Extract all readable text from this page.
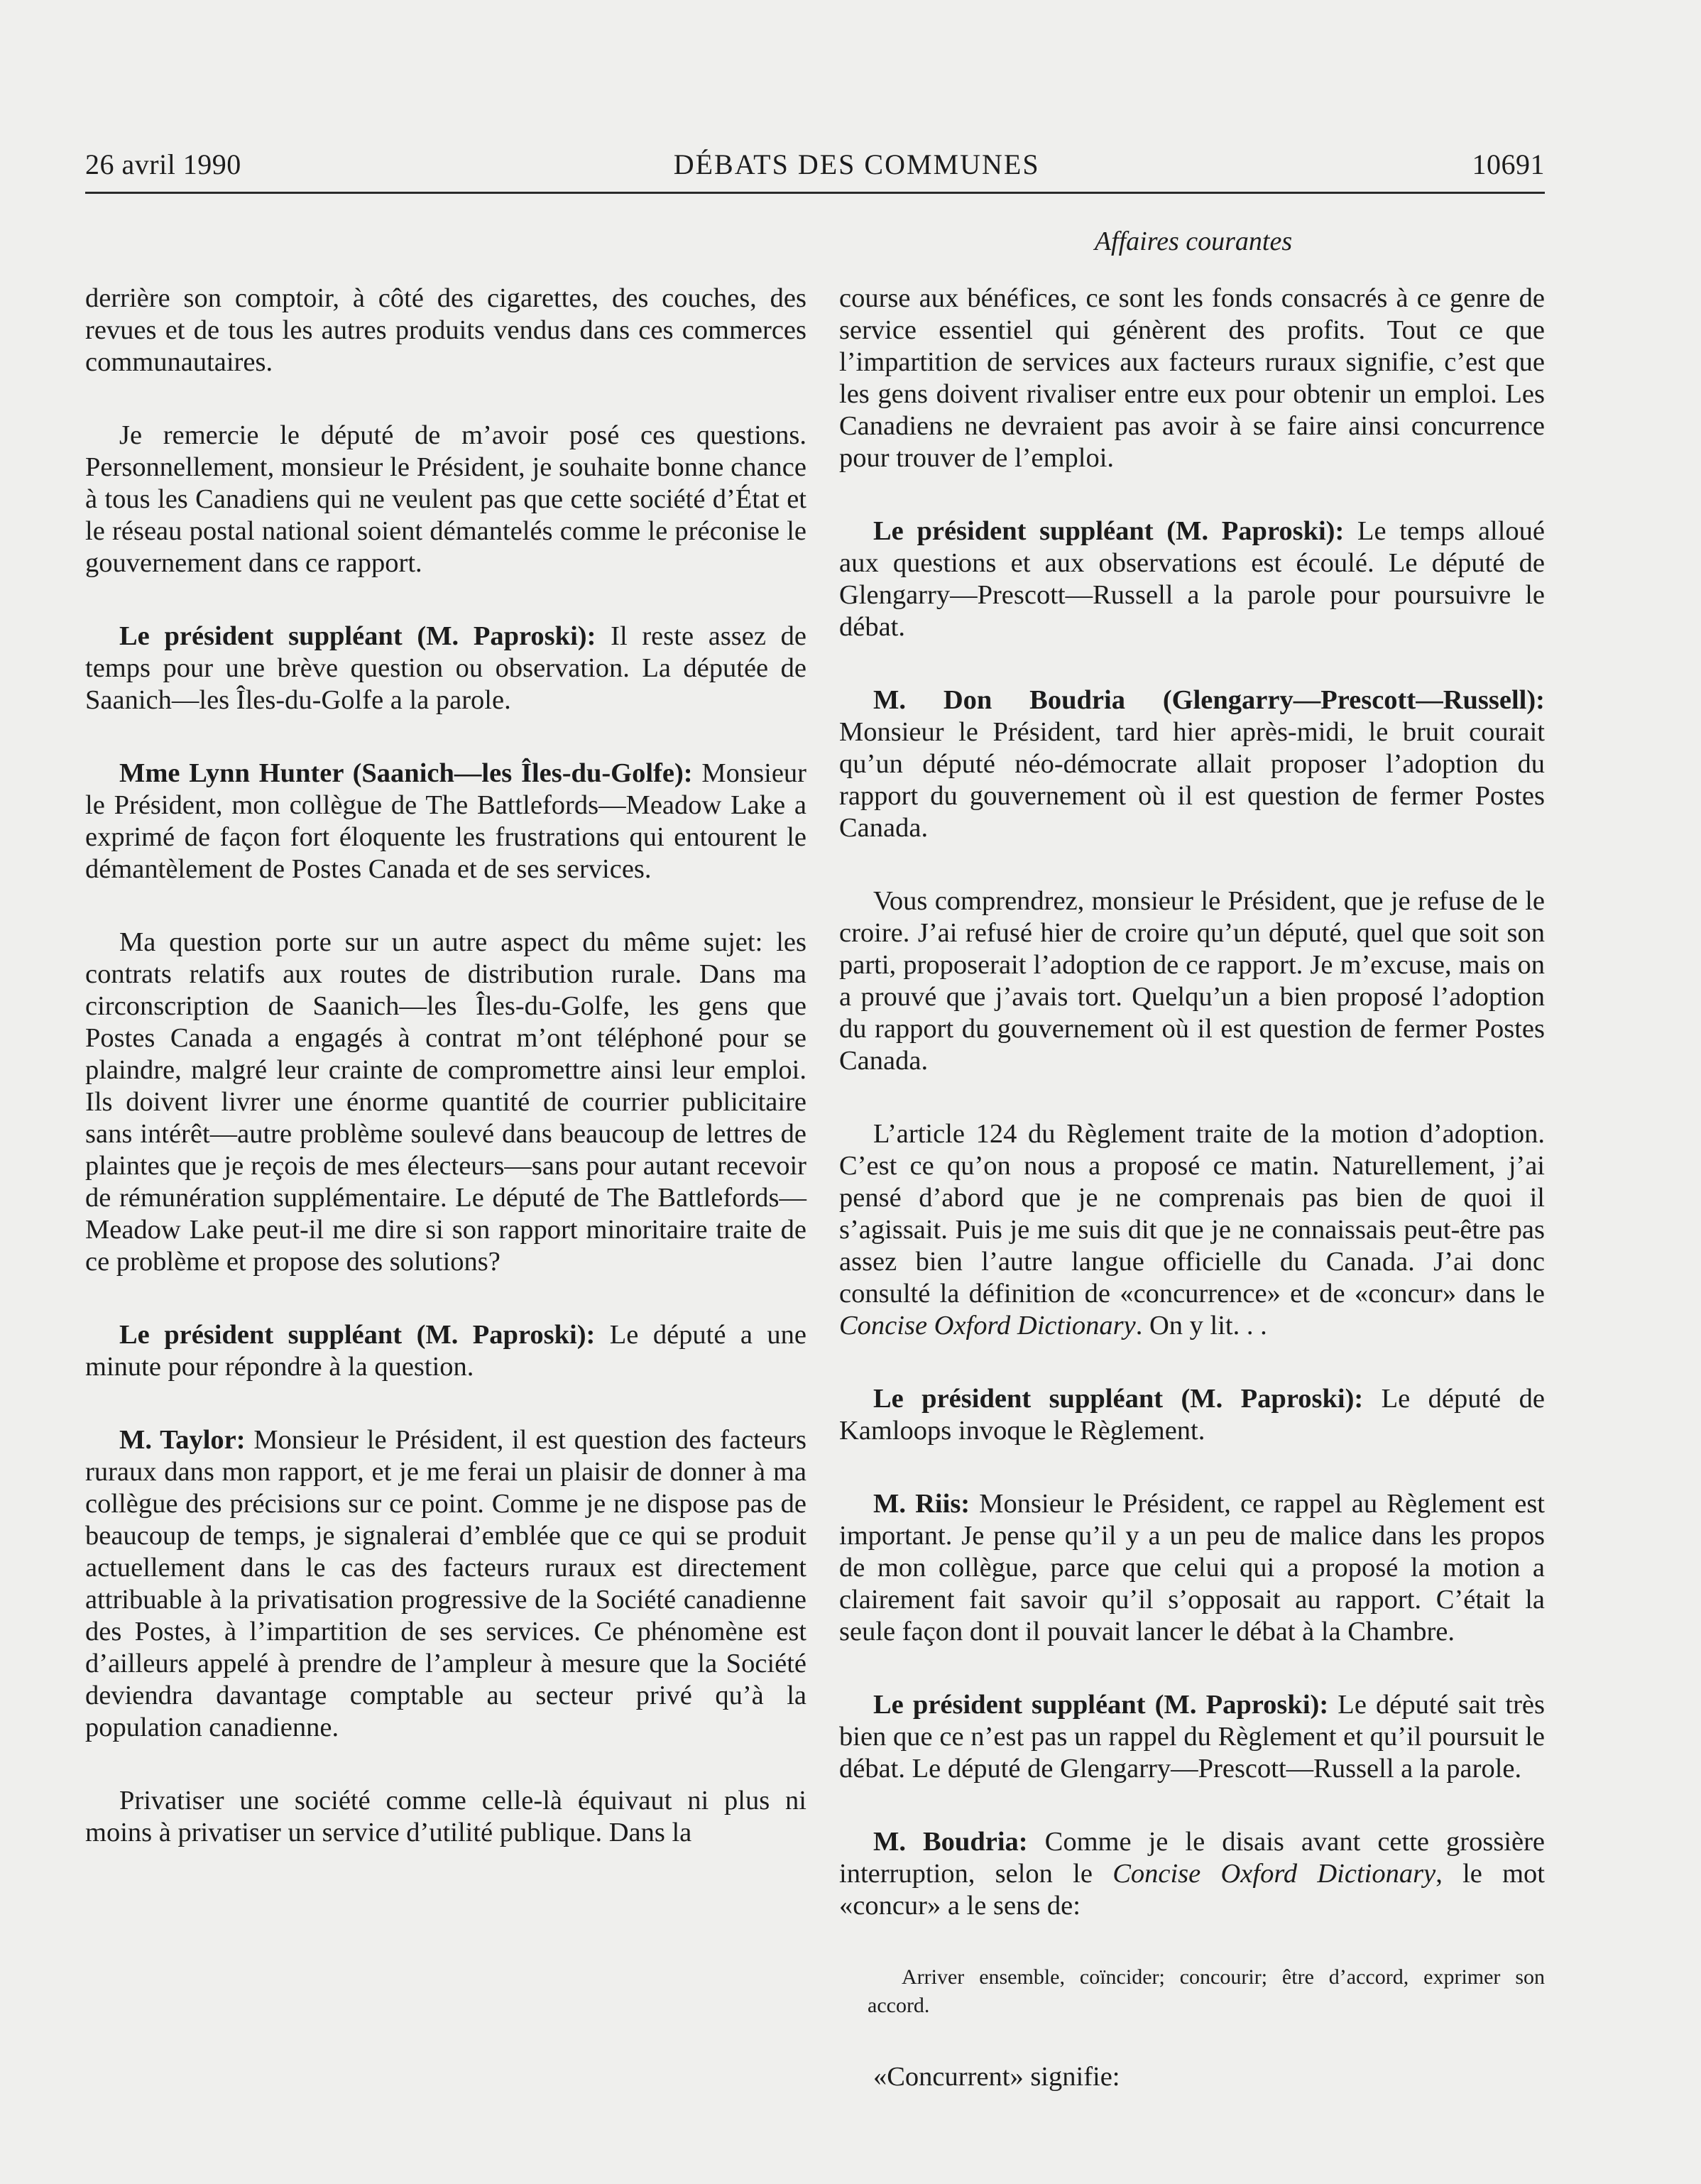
26 avril 1990	DÉBATS DES COMMUNES	10691
Affaires courantes

derrière son comptoir, à côté des cigarettes, des couches, des revues et de tous les autres produits vendus dans ces commerces communautaires.

Je remercie le député de m’avoir posé ces questions. Personnellement, monsieur le Président, je souhaite bonne chance à tous les Canadiens qui ne veulent pas que cette société d’État et le réseau postal national soient démantelés comme le préconise le gouvernement dans ce rapport.

Le président suppléant (M. Paproski): Il reste assez de temps pour une brève question ou observation. La députée de Saanich—les Îles-du-Golfe a la parole.

Mme Lynn Hunter (Saanich—les Îles-du-Golfe): Monsieur le Président, mon collègue de The Battlefords—Meadow Lake a exprimé de façon fort éloquente les frustrations qui entourent le démantèlement de Postes Canada et de ses services.

Ma question porte sur un autre aspect du même sujet: les contrats relatifs aux routes de distribution rurale. Dans ma circonscription de Saanich—les Îles-du-Golfe, les gens que Postes Canada a engagés à contrat m’ont téléphoné pour se plaindre, malgré leur crainte de compromettre ainsi leur emploi. Ils doivent livrer une énorme quantité de courrier publicitaire sans intérêt—autre problème soulevé dans beaucoup de lettres de plaintes que je reçois de mes électeurs—sans pour autant recevoir de rémunération supplémentaire. Le député de The Battlefords—Meadow Lake peut-il me dire si son rapport minoritaire traite de ce problème et propose des solutions?

Le président suppléant (M. Paproski): Le député a une minute pour répondre à la question.

M. Taylor: Monsieur le Président, il est question des facteurs ruraux dans mon rapport, et je me ferai un plaisir de donner à ma collègue des précisions sur ce point. Comme je ne dispose pas de beaucoup de temps, je signalerai d’emblée que ce qui se produit actuellement dans le cas des facteurs ruraux est directement attribuable à la privatisation progressive de la Société canadienne des Postes, à l’impartition de ses services. Ce phénomène est d’ailleurs appelé à prendre de l’ampleur à mesure que la Société deviendra davantage comptable au secteur privé qu’à la population canadienne.

Privatiser une société comme celle-là équivaut ni plus ni moins à privatiser un service d’utilité publique. Dans la

course aux bénéfices, ce sont les fonds consacrés à ce genre de service essentiel qui génèrent des profits. Tout ce que l’impartition de services aux facteurs ruraux signifie, c’est que les gens doivent rivaliser entre eux pour obtenir un emploi. Les Canadiens ne devraient pas avoir à se faire ainsi concurrence pour trouver de l’emploi.

Le président suppléant (M. Paproski): Le temps alloué aux questions et aux observations est écoulé. Le député de Glengarry—Prescott—Russell a la parole pour poursuivre le débat.

M. Don Boudria (Glengarry—Prescott—Russell): Monsieur le Président, tard hier après-midi, le bruit courait qu’un député néo-démocrate allait proposer l’adoption du rapport du gouvernement où il est question de fermer Postes Canada.

Vous comprendrez, monsieur le Président, que je refuse de le croire. J’ai refusé hier de croire qu’un député, quel que soit son parti, proposerait l’adoption de ce rapport. Je m’excuse, mais on a prouvé que j’avais tort. Quelqu’un a bien proposé l’adoption du rapport du gouvernement où il est question de fermer Postes Canada.

L’article 124 du Règlement traite de la motion d’adoption. C’est ce qu’on nous a proposé ce matin. Naturellement, j’ai pensé d’abord que je ne comprenais pas bien de quoi il s’agissait. Puis je me suis dit que je ne connaissais peut-être pas assez bien l’autre langue officielle du Canada. J’ai donc consulté la définition de «concurrence» et de «concur» dans le Concise Oxford Dictionary. On y lit. . .

Le président suppléant (M. Paproski): Le député de Kamloops invoque le Règlement.

M. Riis: Monsieur le Président, ce rappel au Règlement est important. Je pense qu’il y a un peu de malice dans les propos de mon collègue, parce que celui qui a proposé la motion a clairement fait savoir qu’il s’opposait au rapport. C’était la seule façon dont il pouvait lancer le débat à la Chambre.

Le président suppléant (M. Paproski): Le député sait très bien que ce n’est pas un rappel du Règlement et qu’il poursuit le débat. Le député de Glengarry—Prescott—Russell a la parole.

M. Boudria: Comme je le disais avant cette grossière interruption, selon le Concise Oxford Dictionary, le mot «concur» a le sens de:

Arriver ensemble, coïncider; concourir; être d’accord, exprimer son accord.

«Concurrent» signifie:
